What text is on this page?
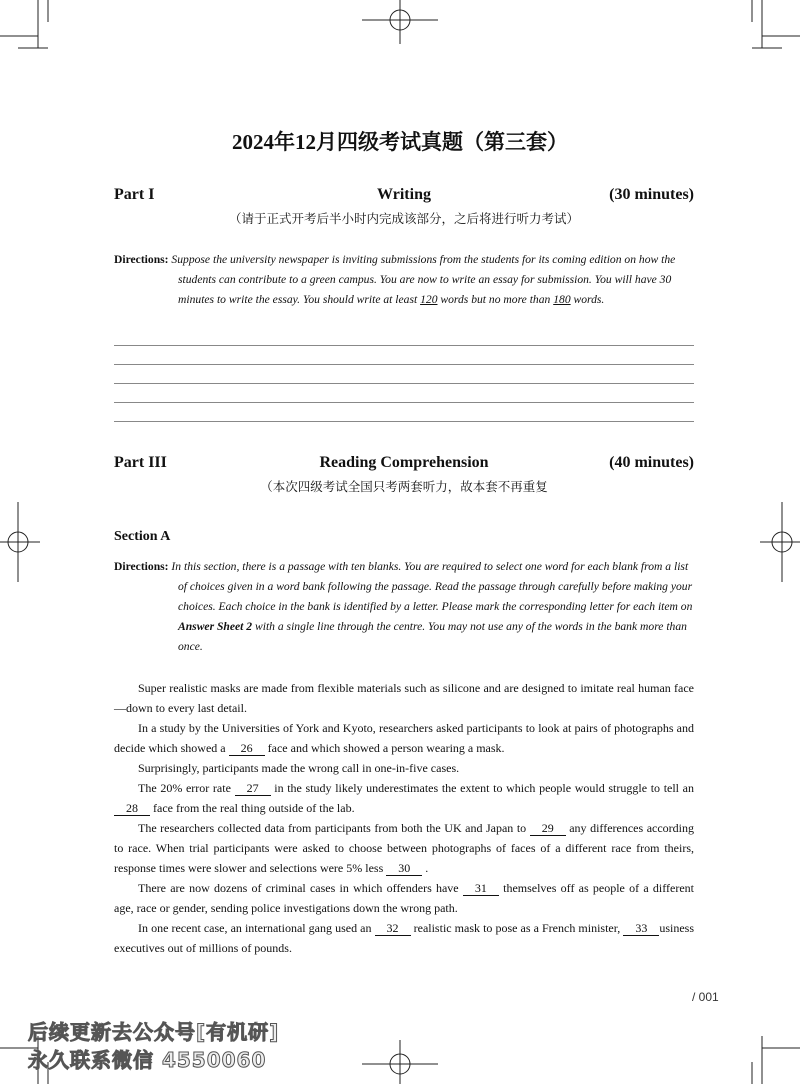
2024年12月四级考试真题（第三套）
Writing
Part I	(30 minutes)
（请于正式开考后半小时内完成该部分，之后将进行听力考试）
Directions: Suppose the university newspaper is inviting submissions from the students for its coming edition on how the students can contribute to a green campus. You are now to write an essay for submission. You will have 30 minutes to write the essay. You should write at least 120 words but no more than 180 words.
Reading Comprehension
Part III	(40 minutes)
（本次四级考试全国只考两套听力，故本套不再重复
Section A
Directions: In this section, there is a passage with ten blanks. You are required to select one word for each blank from a list of choices given in a word bank following the passage. Read the passage through carefully before making your choices. Each choice in the bank is identified by a letter. Please mark the corresponding letter for each item on Answer Sheet 2 with a single line through the centre. You may not use any of the words in the bank more than once.

Super realistic masks are made from flexible materials such as silicone and are designed to imitate real human face—down to every last detail.

In a study by the Universities of York and Kyoto, researchers asked participants to look at pairs of photographs and decide which showed a 26 face and which showed a person wearing a mask.

Surprisingly, participants made the wrong call in one-in-five cases.

The 20% error rate 27 in the study likely underestimates the extent to which people would struggle to tell an 28 face from the real thing outside of the lab.

The researchers collected data from participants from both the UK and Japan to 29 any differences according to race. When trial participants were asked to choose between photographs of faces of a different race from theirs, response times were slower and selections were 5% less 30 .

There are now dozens of criminal cases in which offenders have 31 themselves off as people of a different age, race or gender, sending police investigations down the wrong path.

In one recent case, an international gang used an 32 realistic mask to pose as a French minister, 33 usiness executives out of millions of pounds.

/ 001
后续更新去公众号[有机研]
永久联系微信 4550060
